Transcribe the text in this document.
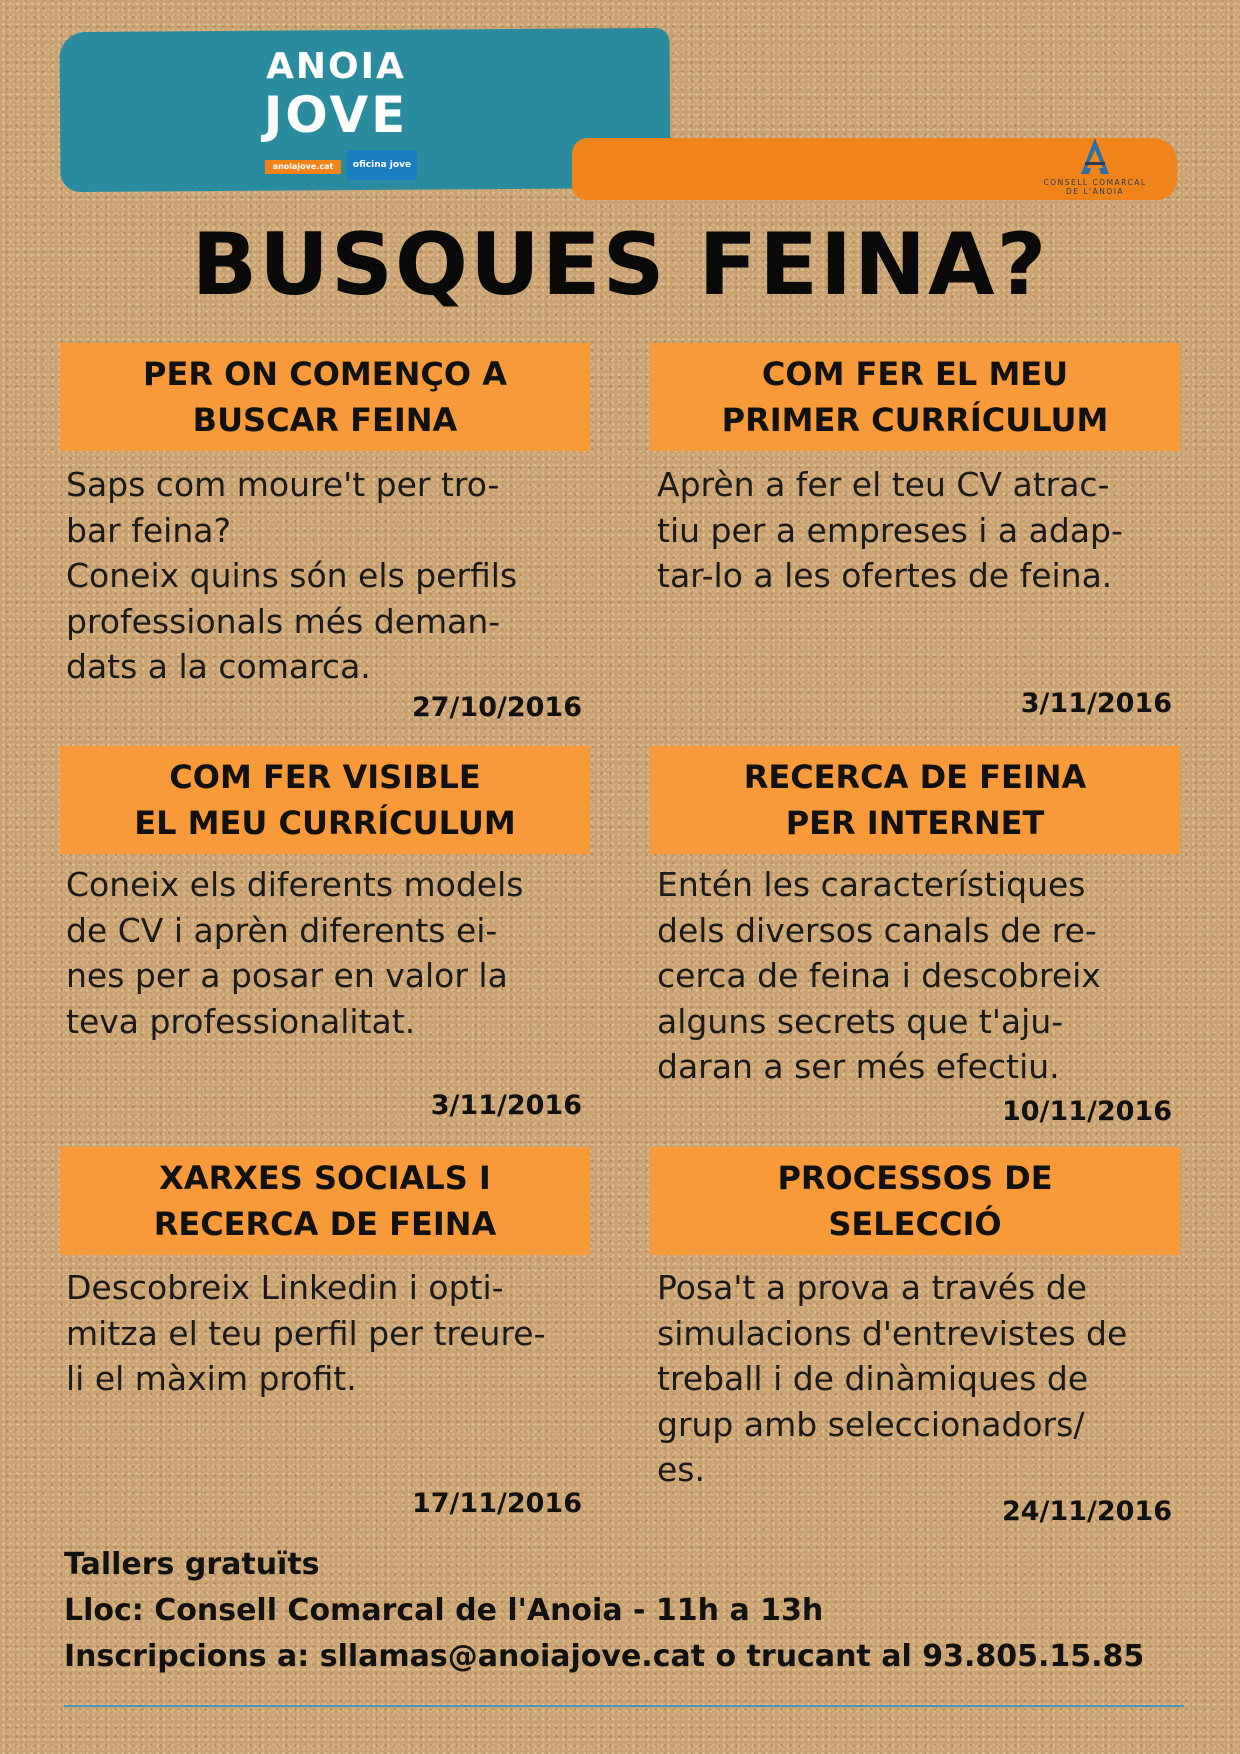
ANOIA
JOVE
anoiajove.cat	oficina jove
CONSELL COMARCAL
DE L'ANOIA
BUSQUES FEINA?
PER ON COMENÇO A
BUSCAR FEINA

Saps com moure't per tro-
bar feina?
Coneix quins són els perfils
professionals més deman-
dats a la comarca.

27/10/2016
COM FER EL MEU
PRIMER CURRÍCULUM

Aprèn a fer el teu CV atrac-
tiu per a empreses i a adap-
tar-lo a les ofertes de feina.

3/11/2016
COM FER VISIBLE
EL MEU CURRÍCULUM

Coneix els diferents models
de CV i aprèn diferents ei-
nes per a posar en valor la
teva professionalitat.

3/11/2016
RECERCA DE FEINA
PER INTERNET

Entén les característiques
dels diversos canals de re-
cerca de feina i descobreix
alguns secrets que t'aju-
daran a ser més efectiu.

10/11/2016
XARXES SOCIALS I
RECERCA DE FEINA

Descobreix Linkedin i opti-
mitza el teu perfil per treure-
li el màxim profit.

17/11/2016
PROCESSOS DE
SELECCIÓ

Posa't a prova a través de
simulacions d'entrevistes de
treball i de dinàmiques de
grup amb seleccionadors/
es.

24/11/2016
Tallers gratuïts
Lloc: Consell Comarcal de l'Anoia - 11h a 13h
Inscripcions a: sllamas@anoiajove.cat o trucant al 93.805.15.85
